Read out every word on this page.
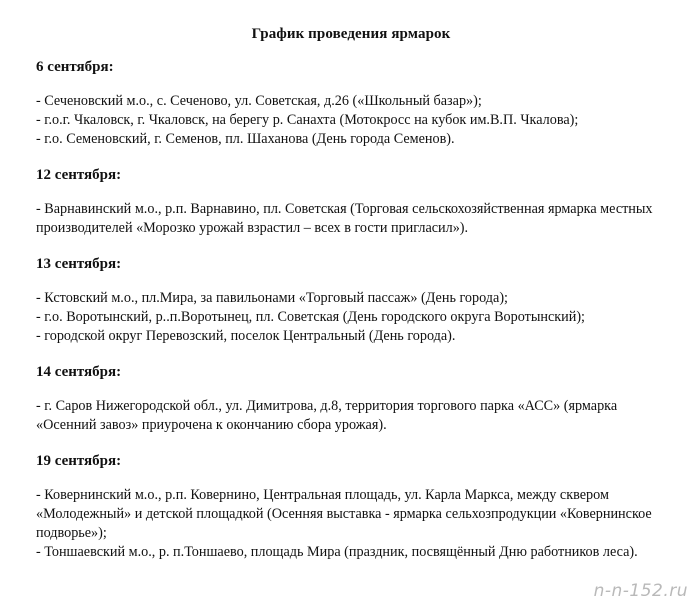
График проведения ярмарок
6 сентября:
- Сеченовский м.о., с. Сеченово, ул. Советская, д.26 («Школьный базар»);
- г.о.г. Чкаловск, г. Чкаловск, на берегу р. Санахта (Мотокросс на кубок им.В.П. Чкалова);
- г.о. Семеновский, г. Семенов, пл. Шаханова (День города Семенов).
12 сентября:
- Варнавинский м.о., р.п. Варнавино, пл. Советская (Торговая сельскохозяйственная ярмарка местных производителей «Морозко урожай взрастил – всех в гости пригласил»).
13 сентября:
- Кстовский м.о., пл.Мира, за павильонами «Торговый пассаж» (День города);
- г.о. Воротынский, р..п.Воротынец, пл. Советская (День городского округа Воротынский);
- городской округ Перевозский, поселок Центральный (День города).
14 сентября:
- г. Саров Нижегородской обл., ул. Димитрова, д.8, территория торгового парка «АСС» (ярмарка «Осенний завоз» приурочена к окончанию сбора урожая).
19 сентября:
- Ковернинский м.о., р.п. Ковернино, Центральная площадь, ул. Карла Маркса, между сквером «Молодежный» и детской площадкой (Осенняя выставка - ярмарка сельхозпродукции «Ковернинское подворье»);
- Тоншаевский м.о., р. п.Тоншаево, площадь Мира (праздник, посвящённый Дню работников леса).
n-n-152.ru
